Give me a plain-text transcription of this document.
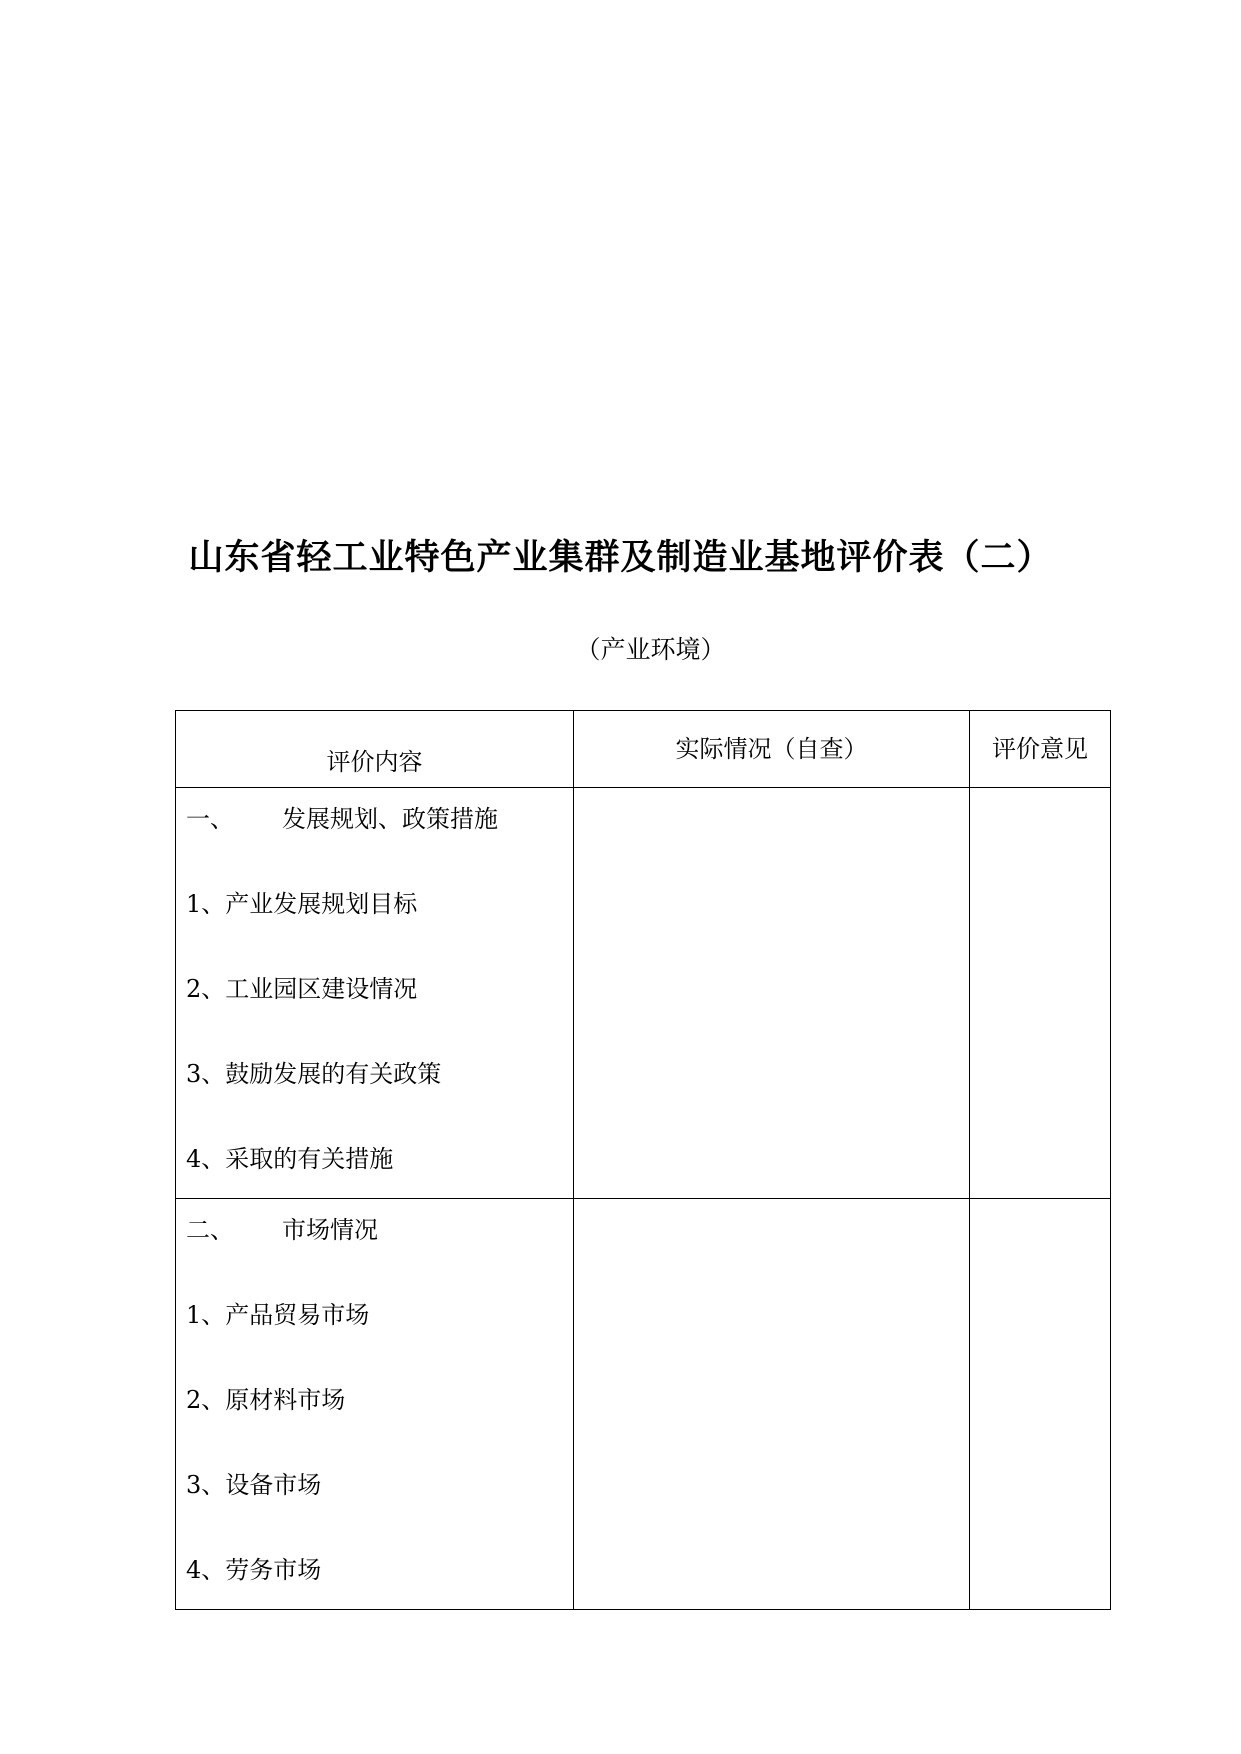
山东省轻工业特色产业集群及制造业基地评价表（二）

（产业环境）

评价内容	实际情况（自查）	评价意见

一、 发展规划、政策措施
1、产业发展规划目标
2、工业园区建设情况
3、鼓励发展的有关政策
4、采取的有关措施		

二、 市场情况
1、产品贸易市场
2、原材料市场
3、设备市场
4、劳务市场		
